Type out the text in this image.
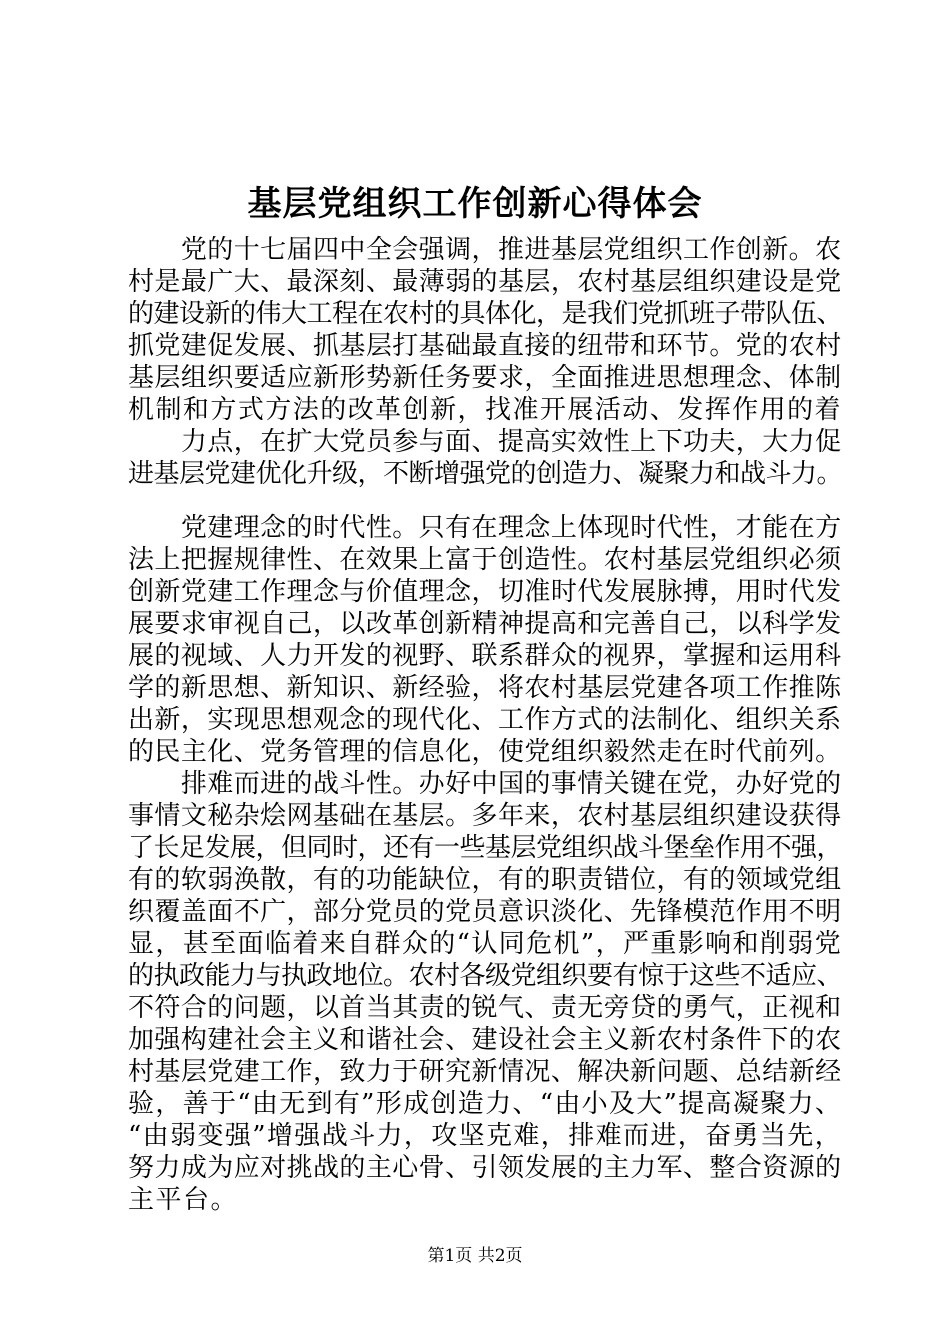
基层党组织工作创新心得体会
　　党的十七届四中全会强调，推进基层党组织工作创新。农
村是最广大、最深刻、最薄弱的基层，农村基层组织建设是党
的建设新的伟大工程在农村的具体化，是我们党抓班子带队伍、
抓党建促发展、抓基层打基础最直接的纽带和环节。党的农村
基层组织要适应新形势新任务要求，全面推进思想理念、体制
机制和方式方法的改革创新，找准开展活动、发挥作用的着
　　力点，在扩大党员参与面、提高实效性上下功夫，大力促
进基层党建优化升级，不断增强党的创造力、凝聚力和战斗力。
　　党建理念的时代性。只有在理念上体现时代性，才能在方
法上把握规律性、在效果上富于创造性。农村基层党组织必须
创新党建工作理念与价值理念，切准时代发展脉搏，用时代发
展要求审视自己，以改革创新精神提高和完善自己，以科学发
展的视域、人力开发的视野、联系群众的视界，掌握和运用科
学的新思想、新知识、新经验，将农村基层党建各项工作推陈
出新，实现思想观念的现代化、工作方式的法制化、组织关系
的民主化、党务管理的信息化，使党组织毅然走在时代前列。
　　排难而进的战斗性。办好中国的事情关键在党，办好党的
事情文秘杂烩网基础在基层。多年来，农村基层组织建设获得
了长足发展，但同时，还有一些基层党组织战斗堡垒作用不强，
有的软弱涣散，有的功能缺位，有的职责错位，有的领域党组
织覆盖面不广，部分党员的党员意识淡化、先锋模范作用不明
显，甚至面临着来自群众的“认同危机”，严重影响和削弱党
的执政能力与执政地位。农村各级党组织要有惊于这些不适应、
不符合的问题，以首当其责的锐气、责无旁贷的勇气，正视和
加强构建社会主义和谐社会、建设社会主义新农村条件下的农
村基层党建工作，致力于研究新情况、解决新问题、总结新经
验，善于“由无到有”形成创造力、“由小及大”提高凝聚力、
“由弱变强”增强战斗力，攻坚克难，排难而进，奋勇当先，
努力成为应对挑战的主心骨、引领发展的主力军、整合资源的
主平台。
第1页 共2页
